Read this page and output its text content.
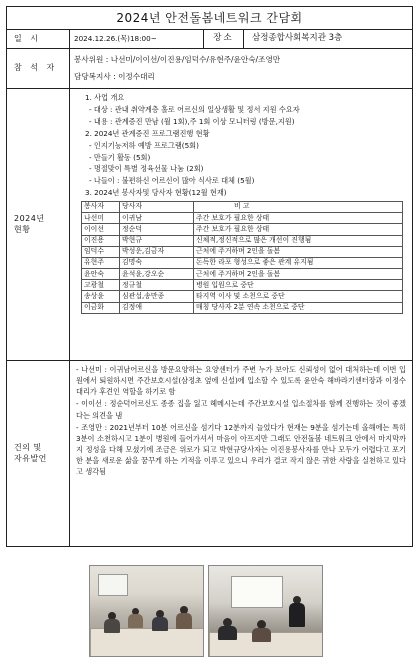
2024년 안전돌봄네트워크 간담회
일 시	2024.12.26.(목)18:00~	장소	삼정종합사회복지관 3층
참 석 자
봉사위원 : 나선미/이이선/이진용/임덕수/유현주/윤안숙/조영만
담당복지사 : 이정수대리
2024년
현황

1. 사업 개요

- 대상 : 관내 취약계층 홀로 어르신의 일상생활 및 정서 지원 수요자

- 내용 : 관계증진 만남 (월 1회),주 1회 이상 모니터링 (방문,지원)

2. 2024년 관계증진 프로그램진행 현황

- 인지기능저하 예방 프로그램(5회)

- 만들기 활동 (5회)

- 명절맞이 특별 정육선물 나눔 (2회)

- 나들이 : 불편하신 어르신이 많아 식사로 대체 (5월)

3. 2024년 봉사자및 당사자 현황(12월 현재)

봉사자	당사자	비 고
나선미	이귀남	주간 보호가 필요한 상태
이이선	정순덕	주간 보호가 필요한 상태
이진용	박현규	신체적,정신적으로 많은 개선이 진행됨
임덕수	박성운,김금자	근처에 주거하며 2인을 돌봄
유현주	김명숙	돈독한 라포 형성으로 좋은 관계 유지됨
윤안숙	윤석윤,강오순	근처에 주거하며 2인을 돌봄
고광철	정규철	병원 입원으로 중단
송상윤	심관섭,송만종	타지역 이사 및 소천으로 중단
이금화	김정애	매칭 당사자 2분 연속 소천으로 중단
건의 및
자유발언

- 나선미 : 이귀남어르신을 방문요양하는 요양센터가 주변 누가 보아도 신뢰성이 없어 대처하는데 이번 입원에서 퇴원하시면 주간보호시설(삼정초 옆에 신설)에 입소할 수 있도록 윤안숙 해바라기센터장과 이정수대리가 후견인 역할을 하기로 함

- 이이선 : 정순덕어르신도 종종 집을 잃고 헤메시는데 주간보호시설 입소절차를 함께 진행하는 것이 좋겠다는 의견을 냄

- 조영만 : 2021년부터 10분 어르신을 섬기다 12분까지 늘었다가 현재는 9분을 섬기는데 올해에는 특히 3분이 소천하시고 1분이 병원에 들어가셔서 마음이 아프지만 그래도 안전돌봄 네트워크 안에서 마지막까지 정성을 다해 모셨기에 조금은 위로가 되고 박현규당사자는 이진용봉사자를 만나 모두가 어렵다고 포기한 분을 새로운 삶을 꿈꾸게 하는 기적을 이루고 있으니 우리가 결코 작지 않은 귀한 사랑을 실천하고 있다고 생각됨
